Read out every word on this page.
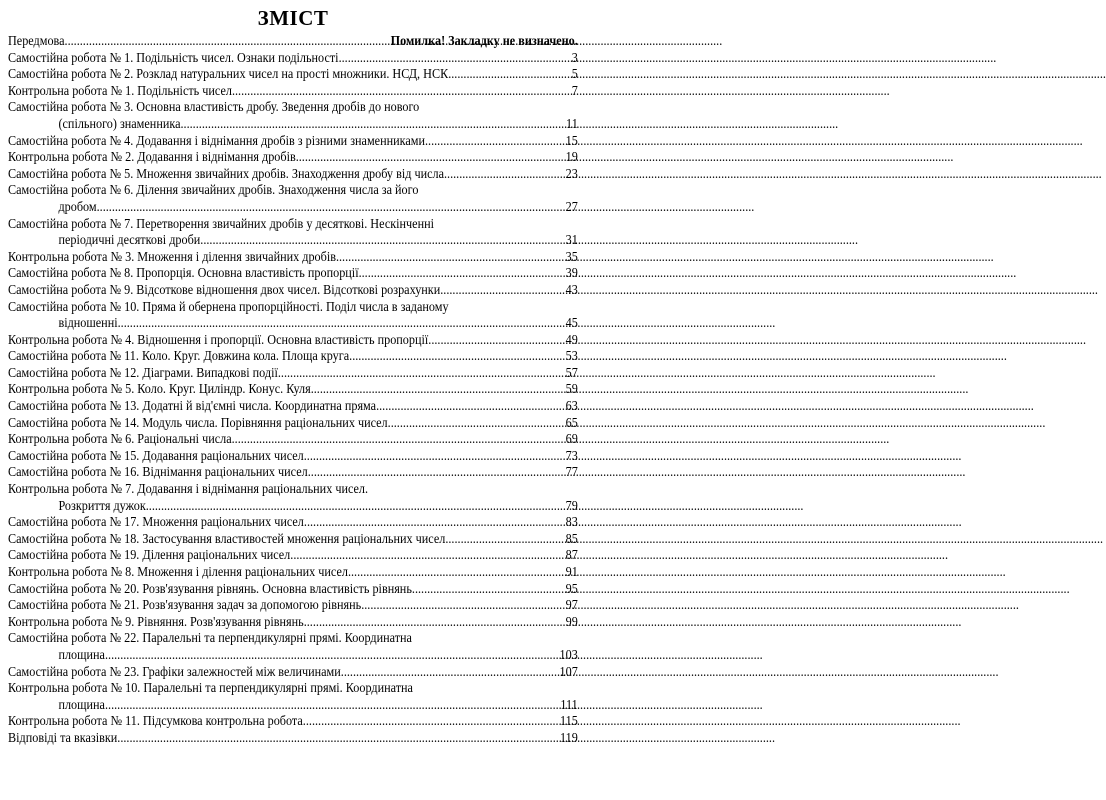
ЗМІСТ
Передмова .....	Помилка! Закладку не визначено.
Самостійна робота № 1. Подільність чисел. Ознаки подільності .....	3
Самостійна робота № 2. Розклад натуральних чисел на прості множники. НСД, НСК .....	5
Контрольна робота № 1. Подільність чисел .....	7
Самостійна робота № 3. Основна властивість дробу. Зведення дробів до нового
(спільного) знаменника .....	11
Самостійна робота № 4. Додавання і віднімання дробів з різними знаменниками .....	15
Контрольна робота № 2. Додавання і віднімання дробів .....	19
Самостійна робота № 5. Множення звичайних дробів. Знаходження дробу від числа .....	23
Самостійна робота № 6. Ділення звичайних дробів. Знаходження числа за його
дробом .....	27
Самостійна робота № 7. Перетворення звичайних дробів у десяткові. Нескінченні
періодичні десяткові дроби .....	31
Контрольна робота № 3. Множення і ділення звичайних дробів .....	35
Самостійна робота № 8. Пропорція. Основна властивість пропорції .....	39
Самостійна робота № 9. Відсоткове відношення двох чисел. Відсоткові розрахунки .....	43
Самостійна робота № 10. Пряма й обернена пропорційності. Поділ числа в заданому
відношенні .....	45
Контрольна робота № 4. Відношення і пропорції. Основна властивість пропорції .....	49
Самостійна робота № 11. Коло. Круг. Довжина кола. Площа круга .....	53
Самостійна робота № 12. Діаграми. Випадкові події .....	57
Контрольна робота № 5. Коло. Круг. Циліндр. Конус. Куля .....	59
Самостійна робота № 13. Додатні й від'ємні числа. Координатна пряма .....	63
Самостійна робота № 14. Модуль числа. Порівняння раціональних чисел .....	65
Контрольна робота № 6. Раціональні числа .....	69
Самостійна робота № 15. Додавання раціональних чисел .....	73
Самостійна робота № 16. Віднімання раціональних чисел .....	77
Контрольна робота № 7. Додавання і віднімання раціональних чисел.
Розкриття дужок .....	79
Самостійна робота № 17. Множення раціональних чисел .....	83
Самостійна робота № 18. Застосування властивостей множення раціональних чисел .....	85
Самостійна робота № 19. Ділення раціональних чисел .....	87
Контрольна робота № 8. Множення і ділення раціональних чисел .....	91
Самостійна робота № 20. Розв'язування рівнянь. Основна властивість рівнянь .....	95
Самостійна робота № 21. Розв'язування задач за допомогою рівнянь .....	97
Контрольна робота № 9. Рівняння. Розв'язування рівнянь .....	99
Самостійна робота № 22. Паралельні та перпендикулярні прямі. Координатна
площина .....	103
Самостійна робота № 23. Графіки залежностей між величинами .....	107
Контрольна робота № 10. Паралельні та перпендикулярні прямі. Координатна
площина .....	111
Контрольна робота № 11. Підсумкова контрольна робота .....	115
Відповіді та вказівки .....	119
